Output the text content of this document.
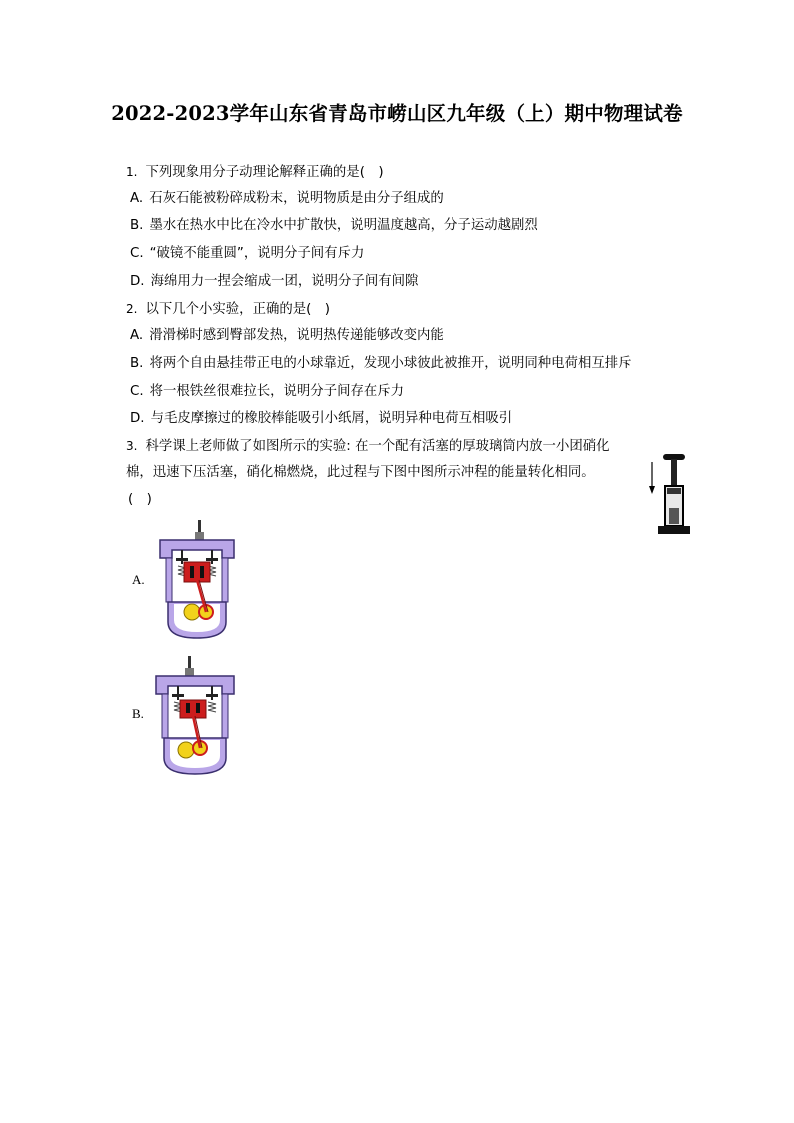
2022-2023学年山东省青岛市崂山区九年级（上）期中物理试卷
1. 下列现象用分子动理论解释正确的是(　)
A. 石灰石能被粉碎成粉末，说明物质是由分子组成的
B. 墨水在热水中比在冷水中扩散快，说明温度越高，分子运动越剧烈
C. “破镜不能重圆”，说明分子间有斥力
D. 海绵用力一捏会缩成一团，说明分子间有间隙
2. 以下几个小实验，正确的是(　)
A. 滑滑梯时感到臀部发热，说明热传递能够改变内能
B. 将两个自由悬挂带正电的小球靠近，发现小球彼此被推开，说明同种电荷相互排斥
C. 将一根铁丝很难拉长，说明分子间存在斥力
D. 与毛皮摩擦过的橡胶棒能吸引小纸屑，说明异种电荷互相吸引
3. 科学课上老师做了如图所示的实验: 在一个配有活塞的厚玻璃筒内放一小团硝化
棉，迅速下压活塞，硝化棉燃烧，此过程与下图中图所示冲程的能量转化相同。
(　)
A.
B.
